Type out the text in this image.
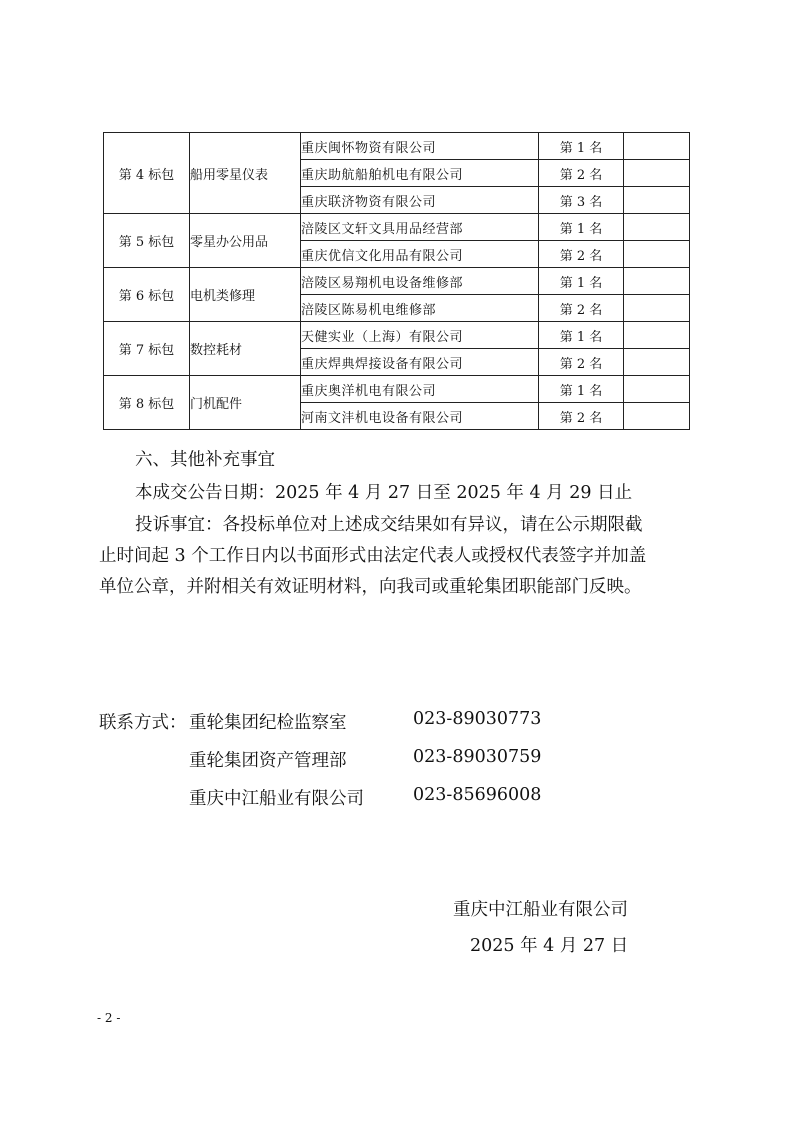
第 4 标包	船用零星仪表	重庆闽怀物资有限公司	第 1 名	
		重庆助航船舶机电有限公司	第 2 名	
		重庆联济物资有限公司	第 3 名	
第 5 标包	零星办公用品	涪陵区文轩文具用品经营部	第 1 名	
		重庆优信文化用品有限公司	第 2 名	
第 6 标包	电机类修理	涪陵区易翔机电设备维修部	第 1 名	
		涪陵区陈易机电维修部	第 2 名	
第 7 标包	数控耗材	天健实业（上海）有限公司	第 1 名	
		重庆焊典焊接设备有限公司	第 2 名	
第 8 标包	门机配件	重庆奥洋机电有限公司	第 1 名	
		河南文沣机电设备有限公司	第 2 名	
六、其他补充事宜
本成交公告日期：2025 年 4 月 27 日至 2025 年 4 月 29 日止
投诉事宜：各投标单位对上述成交结果如有异议，请在公示期限截止时间起 3 个工作日内以书面形式由法定代表人或授权代表签字并加盖单位公章，并附相关有效证明材料，向我司或重轮集团职能部门反映。
联系方式： 重轮集团纪检监察室	023-89030773
重轮集团资产管理部	023-89030759
重庆中江船业有限公司	023-85696008
重庆中江船业有限公司
2025 年 4 月 27 日
- 2 -
